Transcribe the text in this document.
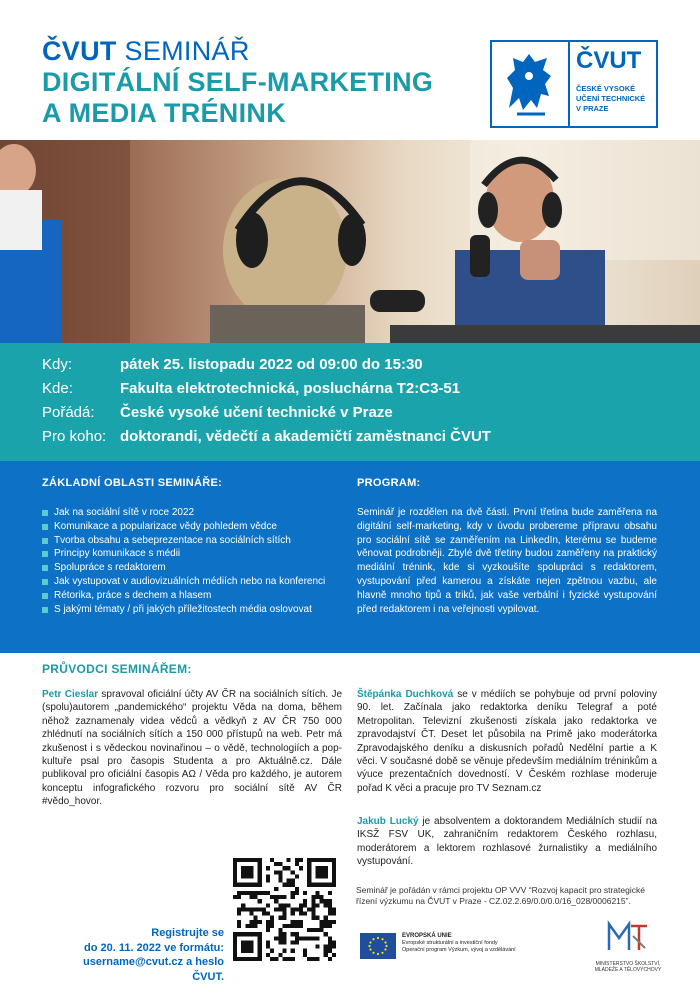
ČVUT SEMINÁŘ
DIGITÁLNÍ SELF-MARKETING
A MEDIA TRÉNINK
ČVUT
ČESKÉ VYSOKÉ
UČENÍ TECHNICKÉ
V PRAZE
Kdy:	pátek 25. listopadu 2022 od 09:00 do 15:30
Kde:	Fakulta elektrotechnická, posluchárna T2:C3-51
Pořádá:	České vysoké učení technické v Praze
Pro koho: doktorandi, vědečtí a akademičtí zaměstnanci ČVUT
ZÁKLADNÍ OBLASTI SEMINÁŘE:
Jak na sociální sítě v roce 2022
Komunikace a popularizace vědy pohledem vědce
Tvorba obsahu a sebeprezentace na sociálních sítích
Principy komunikace s médii
Spolupráce s redaktorem
Jak vystupovat v audiovizuálních médiích nebo na konferenci
Rétorika, práce s dechem a hlasem
S jakými tématy / při jakých příležitostech média oslovovat
PROGRAM:

Seminář je rozdělen na dvě části. První třetina bude zaměřena na digitální self-marketing, kdy v úvodu probereme přípravu obsahu pro sociální sítě se zaměřením na LinkedIn, kterému se budeme věnovat podrobněji. Zbylé dvě třetiny budou zaměřeny na praktický mediální trénink, kde si vyzkoušíte spolupráci s redaktorem, vystupování před kamerou a získáte nejen zpětnou vazbu, ale hlavně mnoho tipů a triků, jak vaše verbální i fyzické vystupování před redaktorem i na veřejnosti vypilovat.

PRŮVODCI SEMINÁŘEM:
Petr Cieslar spravoval oficiální účty AV ČR na sociálních sítích. Je (spolu)autorem „pandemického“ projektu Věda na doma, během něhož zaznamenaly videa vědců a vědkyň z AV ČR 750 000 zhlédnutí na sociálních sítích a 150 000 přístupů na web. Petr má zkušenost i s vědeckou novinařinou – o vědě, technologiích a pop-kultuře psal pro časopis Studenta a pro Aktuálně.cz. Dále publikoval pro oficiální časopis AΩ / Věda pro každého, je autorem konceptu infografického rozvoru pro sociální sítě AV ČR #vědo_hovor.
Štěpánka Duchková se v médiích se pohybuje od první poloviny 90. let. Začínala jako redaktorka deníku Telegraf a poté Metropolitan. Televizní zkušenosti získala jako redaktorka ve zpravodajství ČT. Deset let působila na Primě jako moderátorka Zpravodajského deníku a diskusních pořadů Nedělní partie a K věci. V současné době se věnuje především mediálním tréninkům a výuce prezentačních dovedností. V Českém rozhlase moderuje pořad K věci a pracuje pro TV Seznam.cz
Jakub Lucký je absolventem a doktorandem Mediálních studií na IKSŽ FSV UK, zahraničním redaktorem Českého rozhlasu, moderátorem a lektorem rozhlasové žurnalistiky a mediálního vystupování.
Registrujte se
do 20. 11. 2022 ve formátu:
username@cvut.cz a heslo ČVUT.
Seminář je pořádán v rámci projektu OP VVV “Rozvoj kapacit pro strategické řízení výzkumu na ČVUT v Praze - CZ.02.2.69/0.0/0.0/16_028/0006215”.
EVROPSKÁ UNIE
Evropské strukturální a investiční fondy
Operační program Výzkum, vývoj a vzdělávání
MINISTERSTVO ŠKOLSTVÍ,
MLÁDEŽE A TĚLOVÝCHOVY
